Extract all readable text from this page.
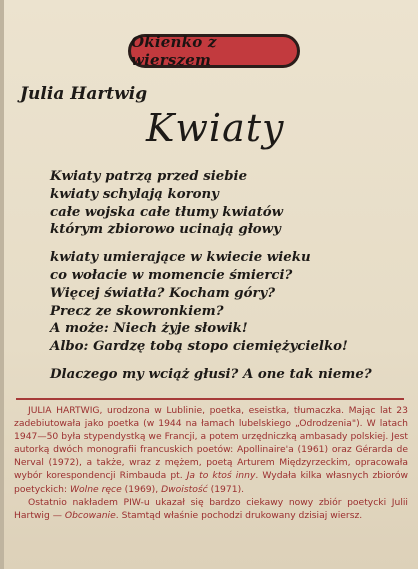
Okienko z wierszem
Julia Hartwig
Kwiaty
Kwiaty patrzą przed siebie
kwiaty schylają korony
całe wojska całe tłumy kwiatów
którym zbiorowo ucinają głowy
kwiaty umierające w kwiecie wieku
co wołacie w momencie śmierci?
Więcej światła? Kocham góry?
Precz ze skowronkiem?
A może: Niech żyje słowik!
Albo: Gardzę tobą stopo ciemiężycielko!
Dlaczego my wciąż głusi? A one tak nieme?

JULIA HARTWIG, urodzona w Lublinie, poetka, eseistka, tłumaczka. Mając lat 23 zadebiutowała jako poetka (w 1944 na łamach lubelskiego „Odrodzenia"). W latach 1947—50 była stypendystką we Francji, a potem urzędniczką ambasady polskiej. Jest autorką dwóch monografii francuskich poetów: Apollinaire'a (1961) oraz Gérarda de Nerval (1972), a także, wraz z mężem, poetą Arturem Międzyrzeckim, opracowała wybór korespondencji Rimbauda pt. Ja to ktoś inny. Wydała kilka własnych zbiorów poetyckich: Wolne ręce (1969), Dwoistość (1971).

Ostatnio nakładem PIW-u ukazał się bardzo ciekawy nowy zbiór poetycki Julii Hartwig — Obcowanie. Stamtąd właśnie pochodzi drukowany dzisiaj wiersz.
